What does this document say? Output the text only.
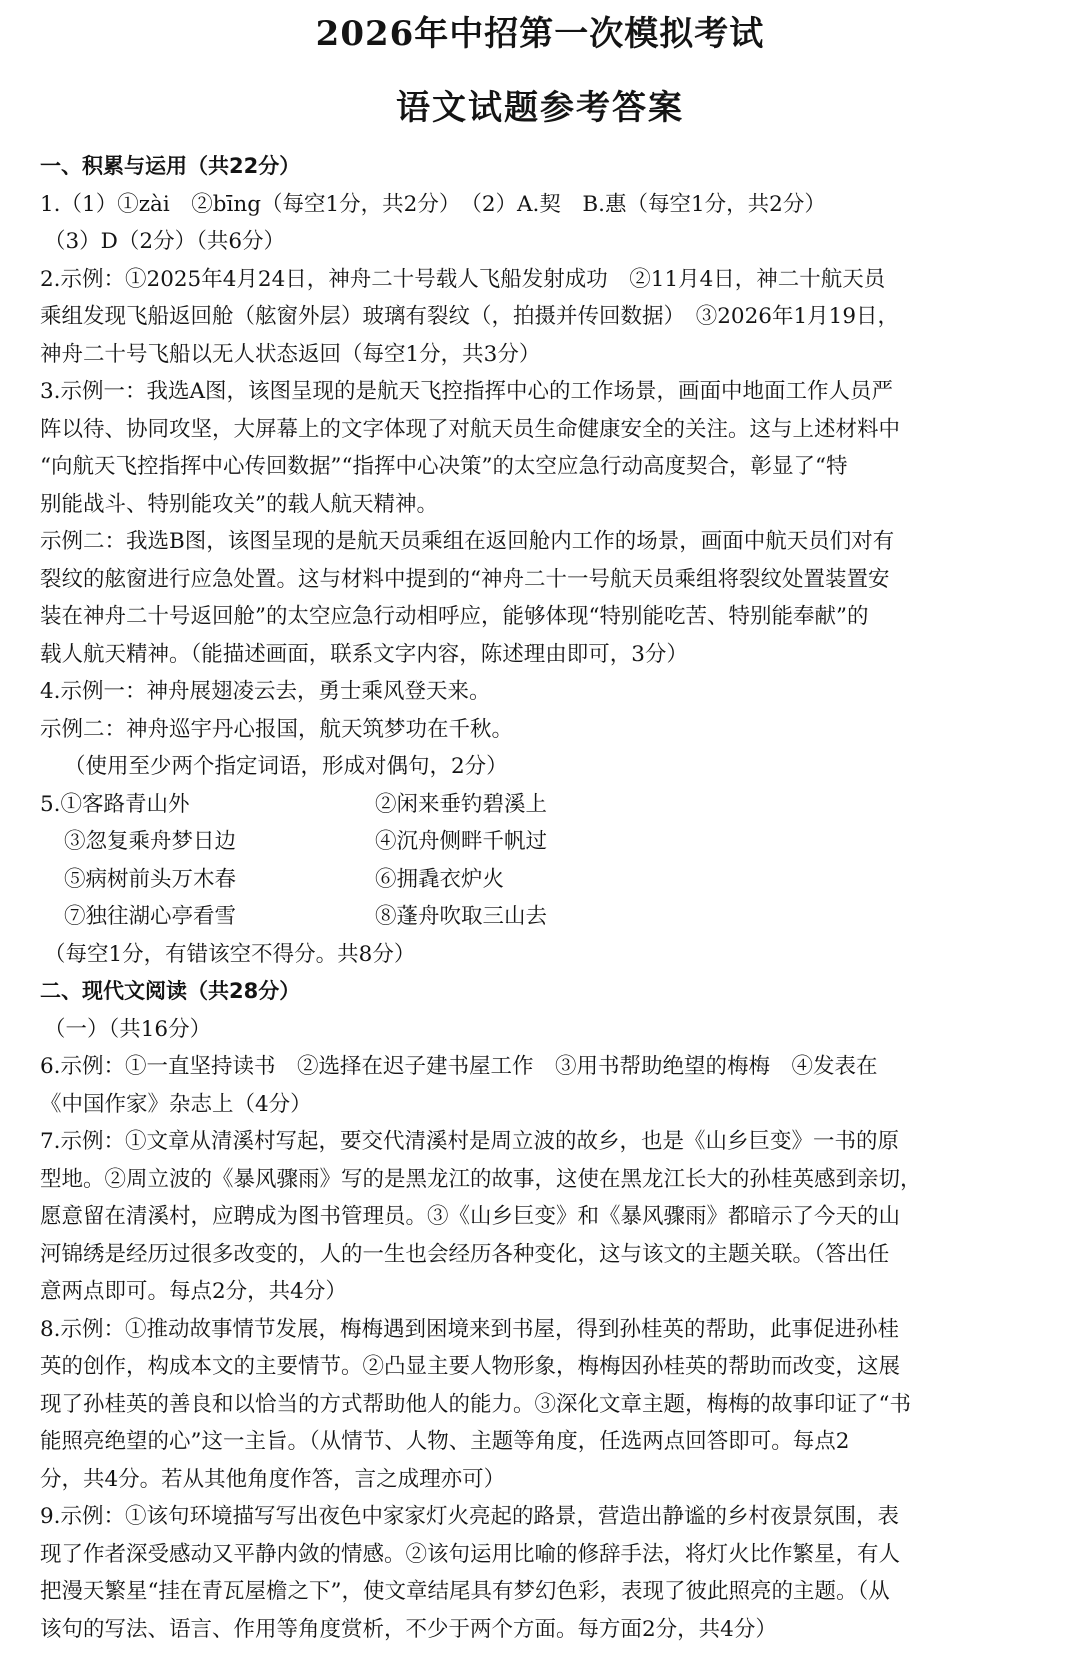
2026年中招第一次模拟考试
语文试题参考答案
一、积累与运用（共22分）
1.（1）①zài　②bīng（每空1分，共2分）　（2）A.契　B.惠（每空1分，共2分）
（3）D（2分）（共6分）
2.示例：①2025年4月24日，神舟二十号载人飞船发射成功　②11月4日，神二十航天员
乘组发现飞船返回舱（舷窗外层）玻璃有裂纹（，拍摄并传回数据）　③2026年1月19日，
神舟二十号飞船以无人状态返回（每空1分，共3分）
3.示例一：我选A图，该图呈现的是航天飞控指挥中心的工作场景，画面中地面工作人员严
阵以待、协同攻坚，大屏幕上的文字体现了对航天员生命健康安全的关注。这与上述材料中
“向航天飞控指挥中心传回数据”“指挥中心决策”的太空应急行动高度契合，彰显了“特
别能战斗、特别能攻关”的载人航天精神。
示例二：我选B图，该图呈现的是航天员乘组在返回舱内工作的场景，画面中航天员们对有
裂纹的舷窗进行应急处置。这与材料中提到的“神舟二十一号航天员乘组将裂纹处置装置安
装在神舟二十号返回舱”的太空应急行动相呼应，能够体现“特别能吃苦、特别能奉献”的
载人航天精神。（能描述画面，联系文字内容，陈述理由即可，3分）
4.示例一：神舟展翅凌云去，勇士乘风登天来。
示例二：神舟巡宇丹心报国，航天筑梦功在千秋。
（使用至少两个指定词语，形成对偶句，2分）
5.①客路青山外	②闲来垂钓碧溪上
③忽复乘舟梦日边	④沉舟侧畔千帆过
⑤病树前头万木春	⑥拥毳衣炉火
⑦独往湖心亭看雪	⑧蓬舟吹取三山去
（每空1分，有错该空不得分。共8分）
二、现代文阅读（共28分）
（一）（共16分）
6.示例：①一直坚持读书　②选择在迟子建书屋工作　③用书帮助绝望的梅梅　④发表在
《中国作家》杂志上（4分）
7.示例：①文章从清溪村写起，要交代清溪村是周立波的故乡，也是《山乡巨变》一书的原
型地。②周立波的《暴风骤雨》写的是黑龙江的故事，这使在黑龙江长大的孙桂英感到亲切，
愿意留在清溪村，应聘成为图书管理员。③《山乡巨变》和《暴风骤雨》都暗示了今天的山
河锦绣是经历过很多改变的，人的一生也会经历各种变化，这与该文的主题关联。（答出任
意两点即可。每点2分，共4分）
8.示例：①推动故事情节发展，梅梅遇到困境来到书屋，得到孙桂英的帮助，此事促进孙桂
英的创作，构成本文的主要情节。②凸显主要人物形象，梅梅因孙桂英的帮助而改变，这展
现了孙桂英的善良和以恰当的方式帮助他人的能力。③深化文章主题，梅梅的故事印证了“书
能照亮绝望的心”这一主旨。（从情节、人物、主题等角度，任选两点回答即可。每点2
分，共4分。若从其他角度作答，言之成理亦可）
9.示例：①该句环境描写写出夜色中家家灯火亮起的路景，营造出静谧的乡村夜景氛围，表
现了作者深受感动又平静内敛的情感。②该句运用比喻的修辞手法，将灯火比作繁星，有人
把漫天繁星“挂在青瓦屋檐之下”，使文章结尾具有梦幻色彩，表现了彼此照亮的主题。（从
该句的写法、语言、作用等角度赏析，不少于两个方面。每方面2分，共4分）
